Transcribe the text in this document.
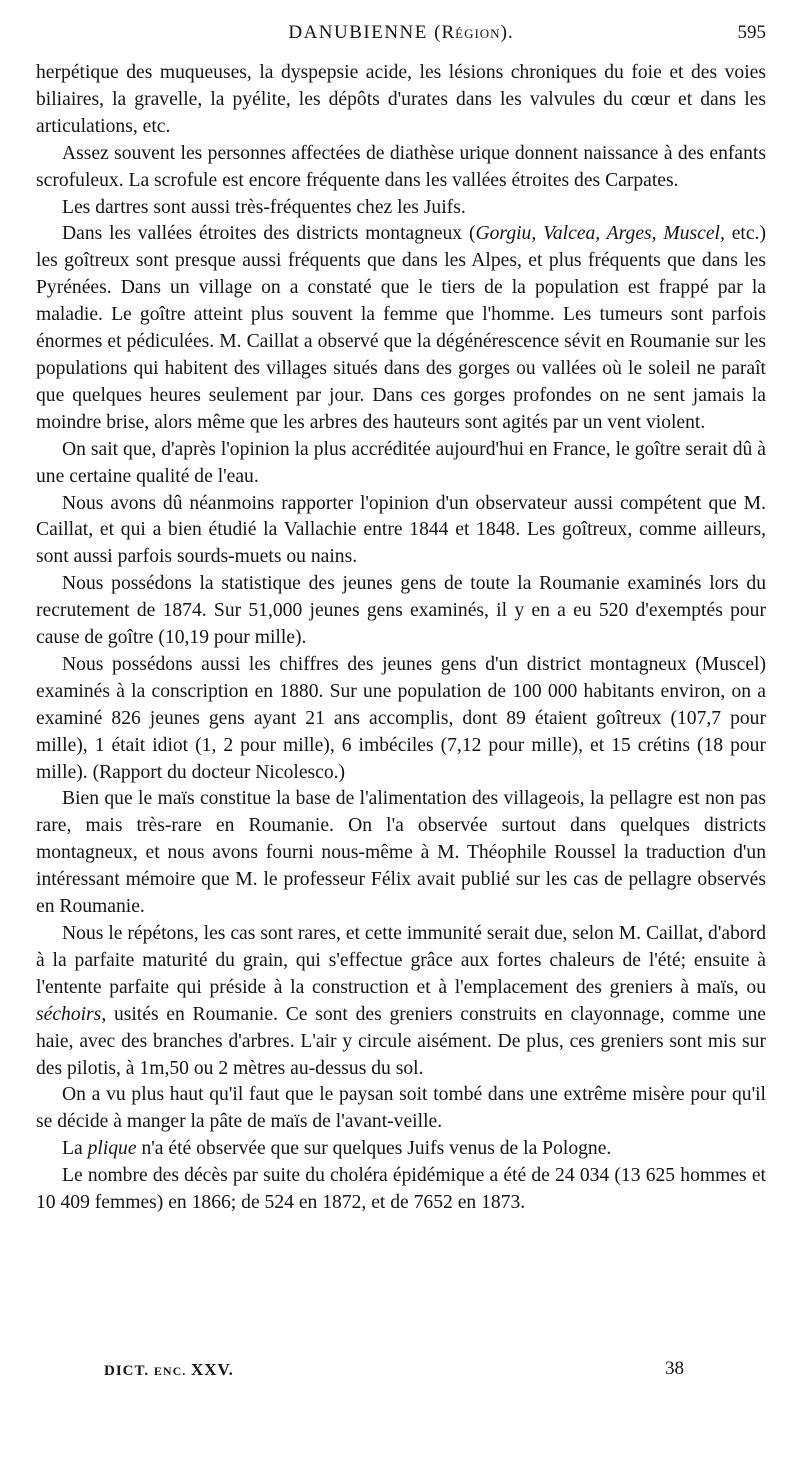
DANUBIENNE (Région).	595

herpétique des muqueuses, la dyspepsie acide, les lésions chroniques du foie et des voies biliaires, la gravelle, la pyélite, les dépôts d'urates dans les valvules du cœur et dans les articulations, etc.

Assez souvent les personnes affectées de diathèse urique donnent naissance à des enfants scrofuleux. La scrofule est encore fréquente dans les vallées étroites des Carpates.

Les dartres sont aussi très-fréquentes chez les Juifs.

Dans les vallées étroites des districts montagneux (Gorgiu, Valcea, Arges, Muscel, etc.) les goîtreux sont presque aussi fréquents que dans les Alpes, et plus fréquents que dans les Pyrénées. Dans un village on a constaté que le tiers de la population est frappé par la maladie. Le goître atteint plus souvent la femme que l'homme. Les tumeurs sont parfois énormes et pédiculées. M. Caillat a observé que la dégénérescence sévit en Roumanie sur les populations qui habitent des villages situés dans des gorges ou vallées où le soleil ne paraît que quelques heures seulement par jour. Dans ces gorges profondes on ne sent jamais la moindre brise, alors même que les arbres des hauteurs sont agités par un vent violent.

On sait que, d'après l'opinion la plus accréditée aujourd'hui en France, le goître serait dû à une certaine qualité de l'eau.

Nous avons dû néanmoins rapporter l'opinion d'un observateur aussi compétent que M. Caillat, et qui a bien étudié la Vallachie entre 1844 et 1848. Les goîtreux, comme ailleurs, sont aussi parfois sourds-muets ou nains.

Nous possédons la statistique des jeunes gens de toute la Roumanie examinés lors du recrutement de 1874. Sur 51,000 jeunes gens examinés, il y en a eu 520 d'exemptés pour cause de goître (10,19 pour mille).

Nous possédons aussi les chiffres des jeunes gens d'un district montagneux (Muscel) examinés à la conscription en 1880. Sur une population de 100 000 habitants environ, on a examiné 826 jeunes gens ayant 21 ans accomplis, dont 89 étaient goîtreux (107,7 pour mille), 1 était idiot (1, 2 pour mille), 6 imbéciles (7,12 pour mille), et 15 crétins (18 pour mille). (Rapport du docteur Nicolesco.)

Bien que le maïs constitue la base de l'alimentation des villageois, la pellagre est non pas rare, mais très-rare en Roumanie. On l'a observée surtout dans quelques districts montagneux, et nous avons fourni nous-même à M. Théophile Roussel la traduction d'un intéressant mémoire que M. le professeur Félix avait publié sur les cas de pellagre observés en Roumanie.

Nous le répétons, les cas sont rares, et cette immunité serait due, selon M. Caillat, d'abord à la parfaite maturité du grain, qui s'effectue grâce aux fortes chaleurs de l'été; ensuite à l'entente parfaite qui préside à la construction et à l'emplacement des greniers à maïs, ou séchoirs, usités en Roumanie. Ce sont des greniers construits en clayonnage, comme une haie, avec des branches d'arbres. L'air y circule aisément. De plus, ces greniers sont mis sur des pilotis, à 1m,50 ou 2 mètres au-dessus du sol.

On a vu plus haut qu'il faut que le paysan soit tombé dans une extrême misère pour qu'il se décide à manger la pâte de maïs de l'avant-veille.

La plique n'a été observée que sur quelques Juifs venus de la Pologne.

Le nombre des décès par suite du choléra épidémique a été de 24 034 (13 625 hommes et 10 409 femmes) en 1866; de 524 en 1872, et de 7652 en 1873.

DICT. ENC. XXV.	38
